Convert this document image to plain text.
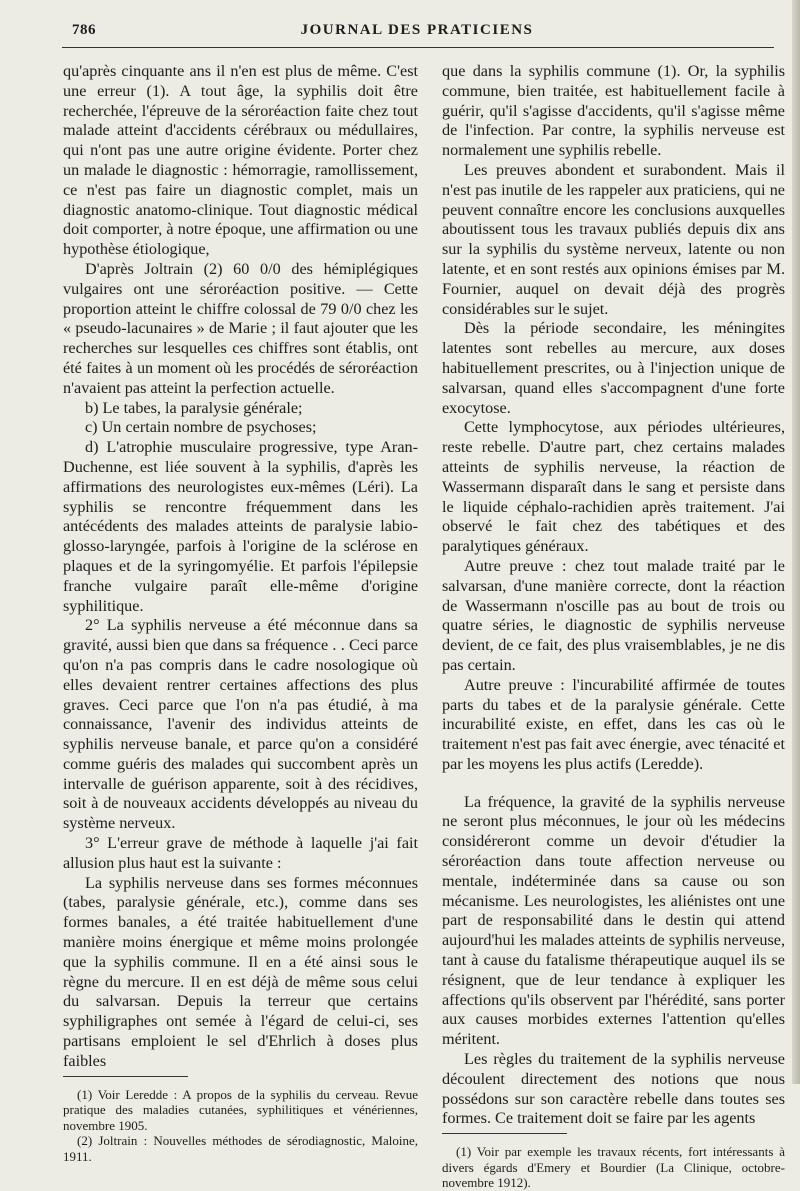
786	JOURNAL DES PRATICIENS

qu'après cinquante ans il n'en est plus de même. C'est une erreur (1). A tout âge, la syphilis doit être recherchée, l'épreuve de la séroréaction faite chez tout malade atteint d'accidents cérébraux ou médullaires, qui n'ont pas une autre origine évidente. Porter chez un malade le diagnostic : hémorragie, ramollissement, ce n'est pas faire un diagnostic complet, mais un diagnostic anatomo-clinique. Tout diagnostic médical doit comporter, à notre époque, une affirmation ou une hypothèse étiologique,

D'après Joltrain (2) 60 0/0 des hémiplégiques vulgaires ont une séroréaction positive. — Cette proportion atteint le chiffre colossal de 79 0/0 chez les « pseudo-lacunaires » de Marie ; il faut ajouter que les recherches sur lesquelles ces chiffres sont établis, ont été faites à un moment où les procédés de séroréaction n'avaient pas atteint la perfection actuelle.

b) Le tabes, la paralysie générale;

c) Un certain nombre de psychoses;

d) L'atrophie musculaire progressive, type Aran-Duchenne, est liée souvent à la syphilis, d'après les affirmations des neurologistes eux-mêmes (Léri). La syphilis se rencontre fréquemment dans les antécédents des malades atteints de paralysie labio-glosso-laryngée, parfois à l'origine de la sclérose en plaques et de la syringomyélie. Et parfois l'épilepsie franche vulgaire paraît elle-même d'origine syphilitique.

2° La syphilis nerveuse a été méconnue dans sa gravité, aussi bien que dans sa fréquence . . Ceci parce qu'on n'a pas compris dans le cadre nosologique où elles devaient rentrer certaines affections des plus graves. Ceci parce que l'on n'a pas étudié, à ma connaissance, l'avenir des individus atteints de syphilis nerveuse banale, et parce qu'on a considéré comme guéris des malades qui succombent après un intervalle de guérison apparente, soit à des récidives, soit à de nouveaux accidents développés au niveau du système nerveux.

3° L'erreur grave de méthode à laquelle j'ai fait allusion plus haut est la suivante :

La syphilis nerveuse dans ses formes méconnues (tabes, paralysie générale, etc.), comme dans ses formes banales, a été traitée habituellement d'une manière moins énergique et même moins prolongée que la syphilis commune. Il en a été ainsi sous le règne du mercure. Il en est déjà de même sous celui du salvarsan. Depuis la terreur que certains syphiligraphes ont semée à l'égard de celui-ci, ses partisans emploient le sel d'Ehrlich à doses plus faibles

(1) Voir Leredde : A propos de la syphilis du cerveau. Revue pratique des maladies cutanées, syphilitiques et vénériennes, novembre 1905.

(2) Joltrain : Nouvelles méthodes de sérodiagnostic, Maloine, 1911.

que dans la syphilis commune (1). Or, la syphilis commune, bien traitée, est habituellement facile à guérir, qu'il s'agisse d'accidents, qu'il s'agisse même de l'infection. Par contre, la syphilis nerveuse est normalement une syphilis rebelle.

Les preuves abondent et surabondent. Mais il n'est pas inutile de les rappeler aux praticiens, qui ne peuvent connaître encore les conclusions auxquelles aboutissent tous les travaux publiés depuis dix ans sur la syphilis du système nerveux, latente ou non latente, et en sont restés aux opinions émises par M. Fournier, auquel on devait déjà des progrès considérables sur le sujet.

Dès la période secondaire, les méningites latentes sont rebelles au mercure, aux doses habituellement prescrites, ou à l'injection unique de salvarsan, quand elles s'accompagnent d'une forte exocytose.

Cette lymphocytose, aux périodes ultérieures, reste rebelle. D'autre part, chez certains malades atteints de syphilis nerveuse, la réaction de Wassermann disparaît dans le sang et persiste dans le liquide céphalo-rachidien après traitement. J'ai observé le fait chez des tabétiques et des paralytiques généraux.

Autre preuve : chez tout malade traité par le salvarsan, d'une manière correcte, dont la réaction de Wassermann n'oscille pas au bout de trois ou quatre séries, le diagnostic de syphilis nerveuse devient, de ce fait, des plus vraisemblables, je ne dis pas certain.

Autre preuve : l'incurabilité affirmée de toutes parts du tabes et de la paralysie générale. Cette incurabilité existe, en effet, dans les cas où le traitement n'est pas fait avec énergie, avec ténacité et par les moyens les plus actifs (Leredde).

La fréquence, la gravité de la syphilis nerveuse ne seront plus méconnues, le jour où les médecins considéreront comme un devoir d'étudier la séroréaction dans toute affection nerveuse ou mentale, indéterminée dans sa cause ou son mécanisme. Les neurologistes, les aliénistes ont une part de responsabilité dans le destin qui attend aujourd'hui les malades atteints de syphilis nerveuse, tant à cause du fatalisme thérapeutique auquel ils se résignent, que de leur tendance à expliquer les affections qu'ils observent par l'hérédité, sans porter aux causes morbides externes l'attention qu'elles méritent.

Les règles du traitement de la syphilis nerveuse découlent directement des notions que nous possédons sur son caractère rebelle dans toutes ses formes. Ce traitement doit se faire par les agents

(1) Voir par exemple les travaux récents, fort intéressants à divers égards d'Emery et Bourdier (La Clinique, octobre-novembre 1912).
